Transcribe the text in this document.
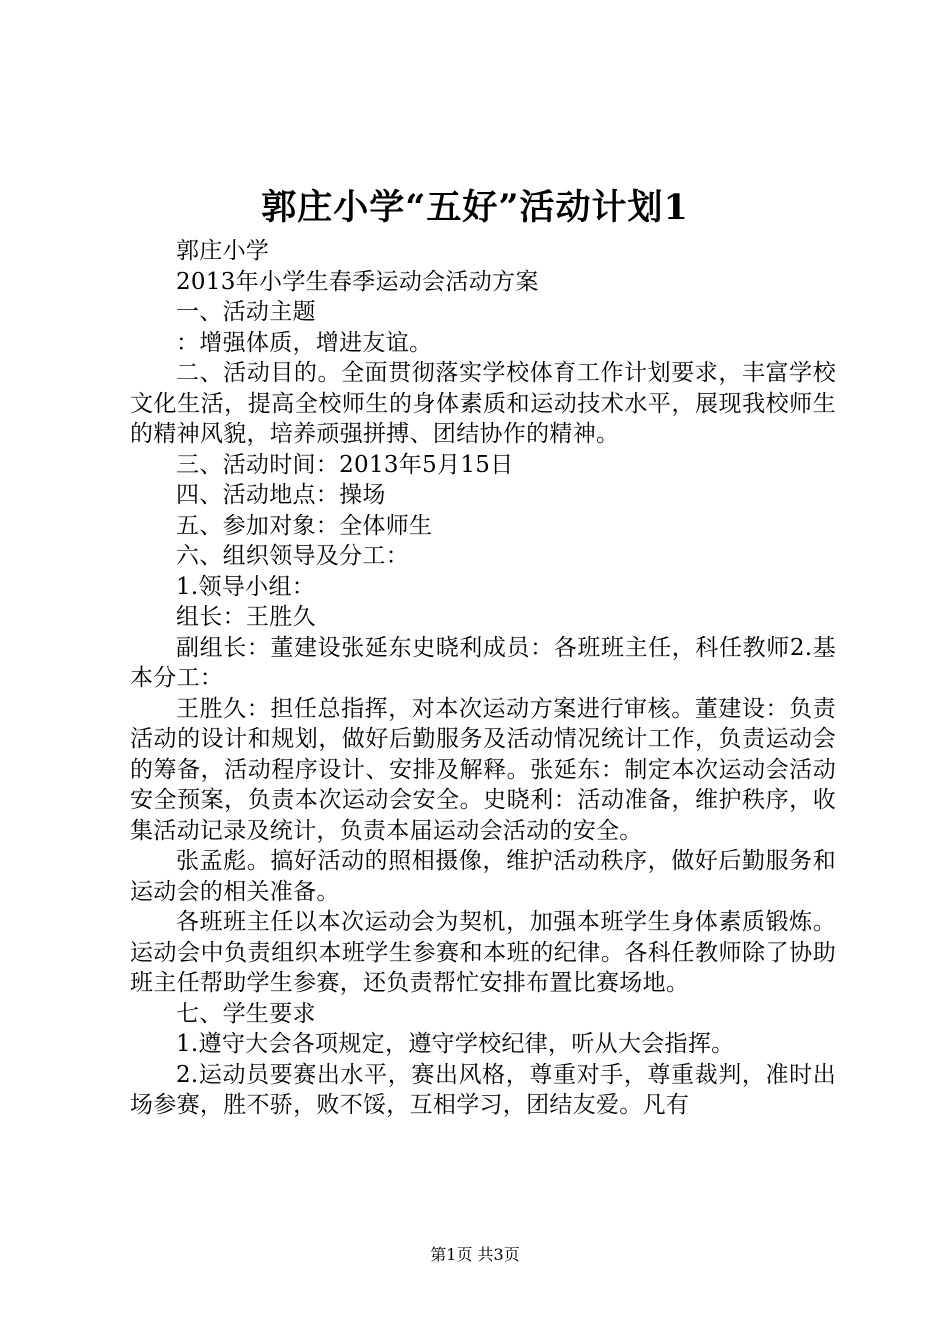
郭庄小学“五好”活动计划1

郭庄小学

2013年小学生春季运动会活动方案

一、活动主题

：增强体质，增进友谊。

二、活动目的。全面贯彻落实学校体育工作计划要求，丰富学校文化生活，提高全校师生的身体素质和运动技术水平，展现我校师生的精神风貌，培养顽强拼搏、团结协作的精神。

三、活动时间：2013年5月15日

四、活动地点：操场

五、参加对象：全体师生

六、组织领导及分工：

1.领导小组：

组长：王胜久

副组长：董建设张延东史晓利成员：各班班主任，科任教师2.基本分工：

王胜久：担任总指挥，对本次运动方案进行审核。董建设：负责活动的设计和规划，做好后勤服务及活动情况统计工作，负责运动会的筹备，活动程序设计、安排及解释。张延东：制定本次运动会活动安全预案，负责本次运动会安全。史晓利：活动准备，维护秩序，收集活动记录及统计，负责本届运动会活动的安全。

张孟彪。搞好活动的照相摄像，维护活动秩序，做好后勤服务和运动会的相关准备。

各班班主任以本次运动会为契机，加强本班学生身体素质锻炼。运动会中负责组织本班学生参赛和本班的纪律。各科任教师除了协助班主任帮助学生参赛，还负责帮忙安排布置比赛场地。

七、学生要求

1.遵守大会各项规定，遵守学校纪律，听从大会指挥。

2.运动员要赛出水平，赛出风格，尊重对手，尊重裁判，准时出场参赛，胜不骄，败不馁，互相学习，团结友爱。凡有

第1页 共3页
